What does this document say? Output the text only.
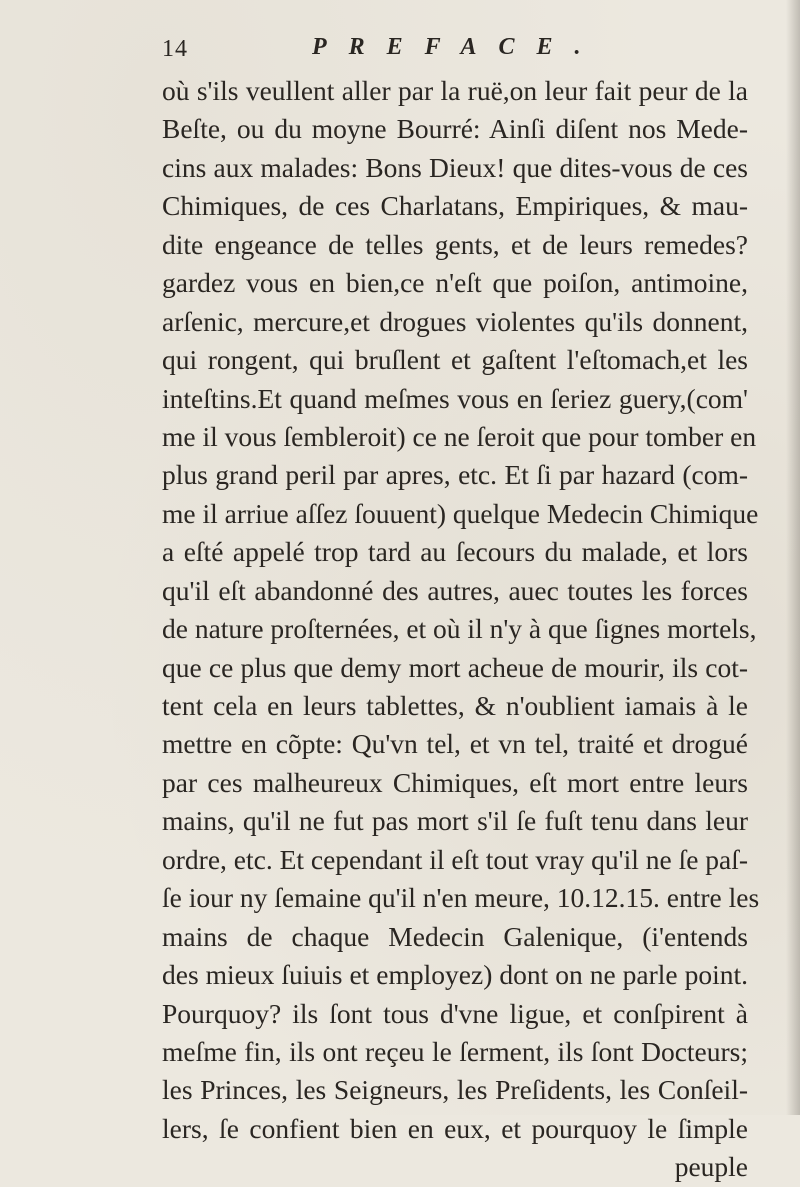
14	PREFACE.
où s'ils veullent aller par la ruë,on leur fait peur de la
Beſte, ou du moyne Bourré: Ainſi diſent nos Mede-
cins aux malades: Bons Dieux! que dites-vous de ces
Chimiques, de ces Charlatans, Empiriques, & mau-
dite engeance de telles gents, et de leurs remedes?
gardez vous en bien,ce n'eſt que poiſon, antimoine,
arſenic, mercure,et drogues violentes qu'ils donnent,
qui rongent, qui bruſlent et gaſtent l'eſtomach,et les
inteſtins.Et quand meſmes vous en ſeriez guery,(com'
me il vous ſembleroit) ce ne ſeroit que pour tomber en
plus grand peril par apres, etc. Et ſi par hazard (com-
me il arriue aſſez ſouuent) quelque Medecin Chimique
a eſté appelé trop tard au ſecours du malade, et lors
qu'il eſt abandonné des autres, auec toutes les forces
de nature proſternées, et où il n'y à que ſignes mortels,
que ce plus que demy mort acheue de mourir, ils cot-
tent cela en leurs tablettes, & n'oublient iamais à le
mettre en cõpte: Qu'vn tel, et vn tel, traité et drogué
par ces malheureux Chimiques, eſt mort entre leurs
mains, qu'il ne fut pas mort s'il ſe fuſt tenu dans leur
ordre, etc. Et cependant il eſt tout vray qu'il ne ſe paſ-
ſe iour ny ſemaine qu'il n'en meure, 10.12.15. entre les
mains de chaque Medecin Galenique, (i'entends
des mieux ſuiuis et employez) dont on ne parle point.
Pourquoy? ils ſont tous d'vne ligue, et conſpirent à
meſme fin, ils ont reçeu le ſerment, ils ſont Docteurs;
les Princes, les Seigneurs, les Preſidents, les Conſeil-
lers, ſe confient bien en eux, et pourquoy le ſimple
peuple
